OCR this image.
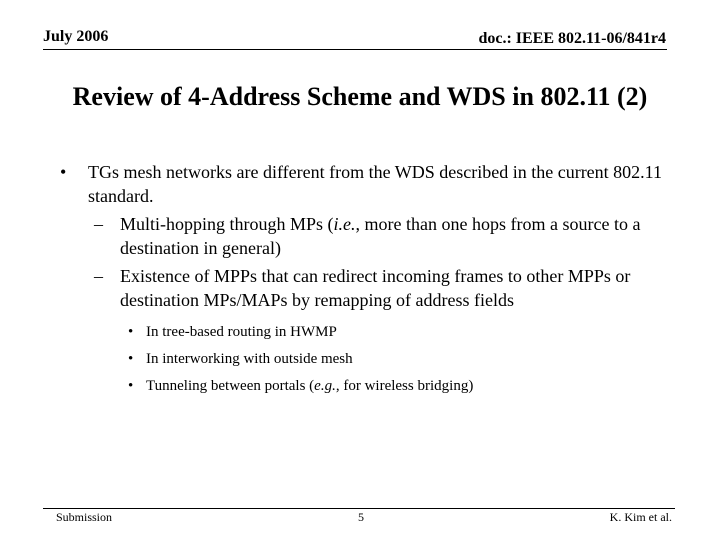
July 2006	doc.: IEEE 802.11-06/841r4
Review of 4-Address Scheme and WDS in 802.11 (2)
• TGs mesh networks are different from the WDS described in the current 802.11 standard.
– Multi-hopping through MPs (i.e., more than one hops from a source to a destination in general)
– Existence of MPPs that can redirect incoming frames to other MPPs or destination MPs/MAPs by remapping of address fields
• In tree-based routing in HWMP
• In interworking with outside mesh
• Tunneling between portals (e.g., for wireless bridging)
Submission	5	K. Kim et al.
